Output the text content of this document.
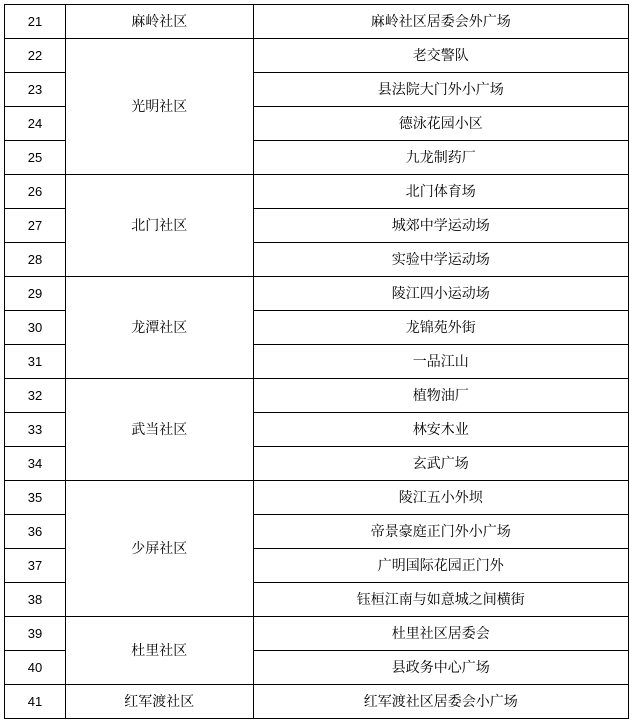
21	麻岭社区	麻岭社区居委会外广场
22	光明社区	老交警队
23		县法院大门外小广场
24		德泳花园小区
25		九龙制药厂
26	北门社区	北门体育场
27		城郊中学运动场
28		实验中学运动场
29	龙潭社区	陵江四小运动场
30		龙锦苑外街
31		一品江山
32	武当社区	植物油厂
33		林安木业
34		玄武广场
35	少屏社区	陵江五小外坝
36		帝景豪庭正门外小广场
37		广明国际花园正门外
38		钰桓江南与如意城之间横街
39	杜里社区	杜里社区居委会
40		县政务中心广场
41	红军渡社区	红军渡社区居委会小广场
